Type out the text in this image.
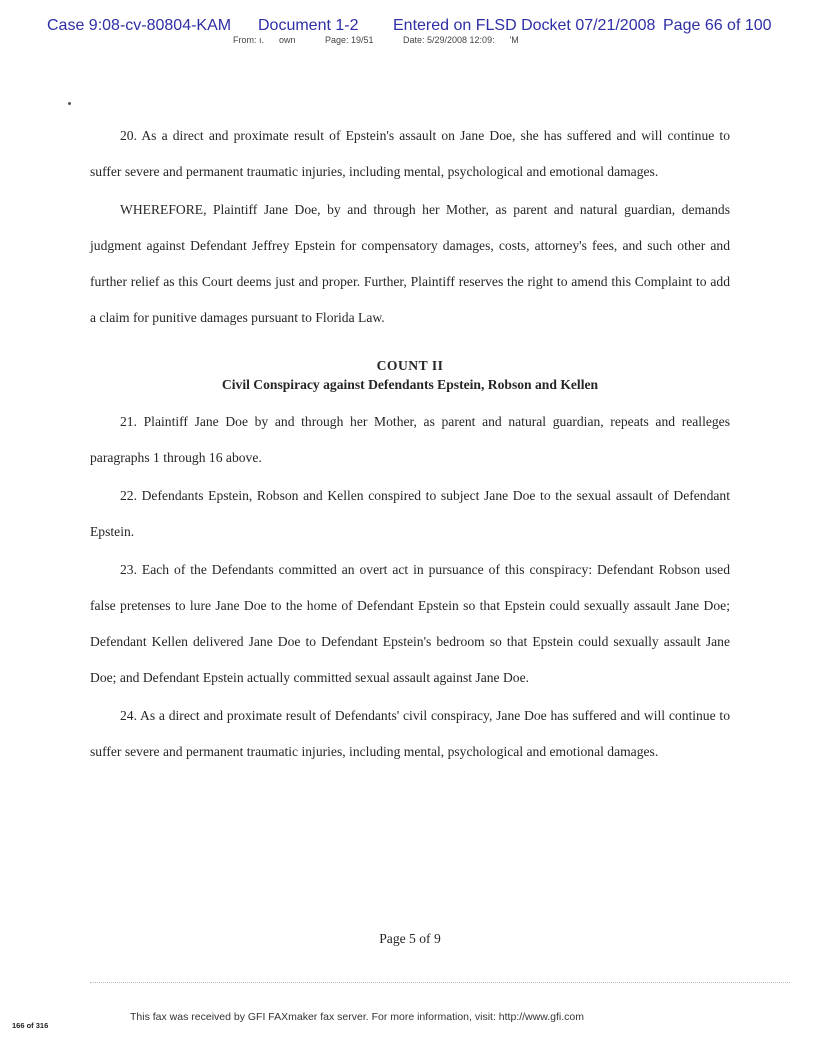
Case 9:08-cv-80804-KAM Document 1-2 Entered on FLSD Docket 07/21/2008 Page 66 of 100
From: ı.      own	Page: 19/51	Date: 5/29/2008 12:09:      'M

20. As a direct and proximate result of Epstein's assault on Jane Doe, she has suffered and will continue to suffer severe and permanent traumatic injuries, including mental, psychological and emotional damages.

WHEREFORE, Plaintiff Jane Doe, by and through her Mother, as parent and natural guardian, demands judgment against Defendant Jeffrey Epstein for compensatory damages, costs, attorney's fees, and such other and further relief as this Court deems just and proper. Further, Plaintiff reserves the right to amend this Complaint to add a claim for punitive damages pursuant to Florida Law.

COUNT II
Civil Conspiracy against Defendants Epstein, Robson and Kellen

21. Plaintiff Jane Doe by and through her Mother, as parent and natural guardian, repeats and realleges paragraphs 1 through 16 above.

22. Defendants Epstein, Robson and Kellen conspired to subject Jane Doe to the sexual assault of Defendant Epstein.

23. Each of the Defendants committed an overt act in pursuance of this conspiracy: Defendant Robson used false pretenses to lure Jane Doe to the home of Defendant Epstein so that Epstein could sexually assault Jane Doe; Defendant Kellen delivered Jane Doe to Defendant Epstein's bedroom so that Epstein could sexually assault Jane Doe; and Defendant Epstein actually committed sexual assault against Jane Doe.

24. As a direct and proximate result of Defendants' civil conspiracy, Jane Doe has suffered and will continue to suffer severe and permanent traumatic injuries, including mental, psychological and emotional damages.

Page 5 of 9
166 of 316
This fax was received by GFI FAXmaker fax server. For more information, visit: http://www.gfi.com
